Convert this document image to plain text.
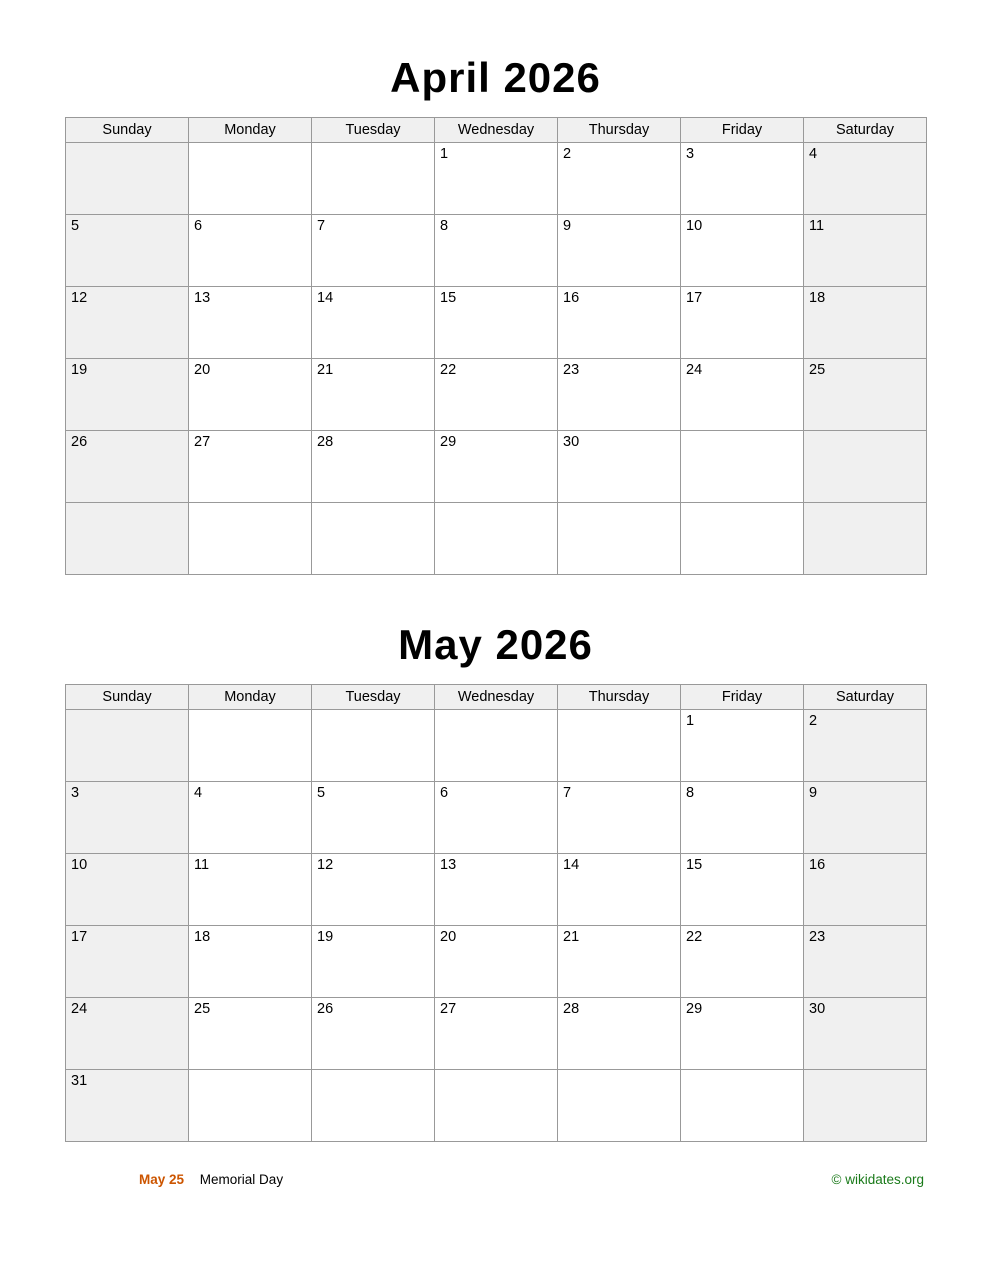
April 2026
Sunday	Monday	Tuesday	Wednesday	Thursday	Friday	Saturday
			1	2	3	4
5	6	7	8	9	10	11
12	13	14	15	16	17	18
19	20	21	22	23	24	25
26	27	28	29	30		

May 2026
Sunday	Monday	Tuesday	Wednesday	Thursday	Friday	Saturday
					1	2
3	4	5	6	7	8	9
10	11	12	13	14	15	16
17	18	19	20	21	22	23
24	25	26	27	28	29	30
31						
May 25 Memorial Day	© wikidates.org
